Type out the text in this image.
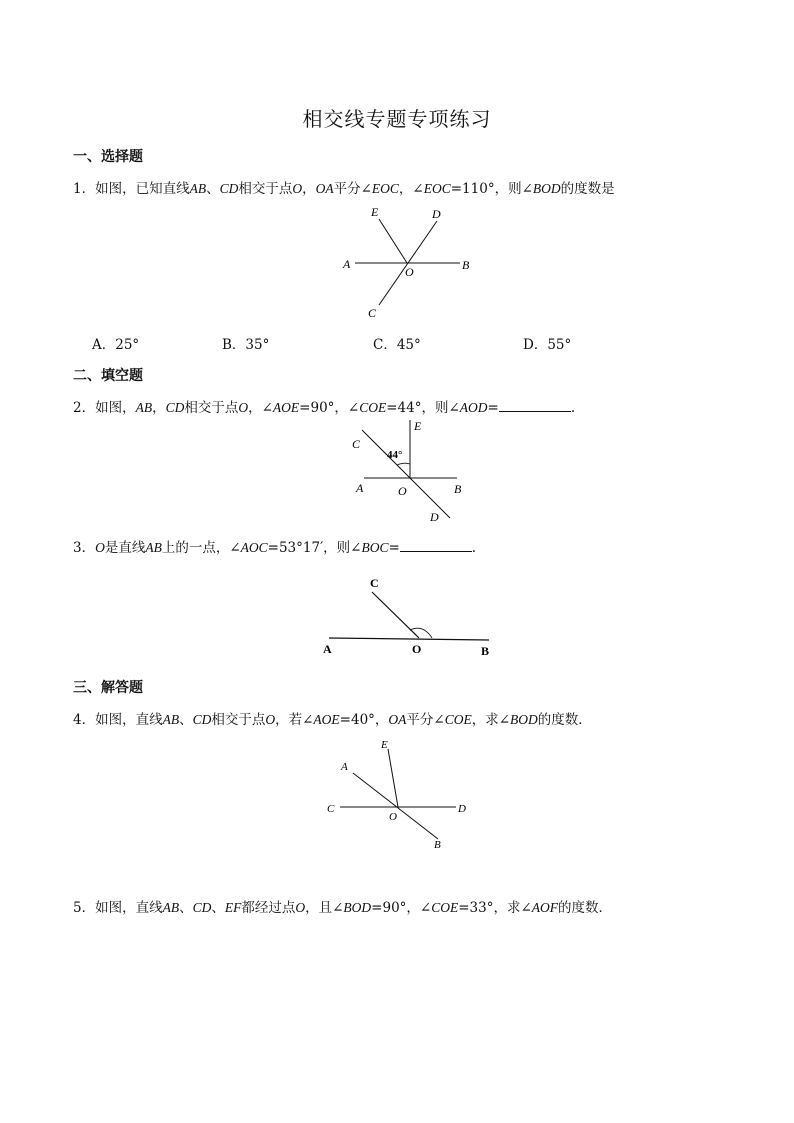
相交线专题专项练习
一、选择题
1．如图，已知直线AB、CD相交于点O，OA平分∠EOC，∠EOC=110°，则∠BOD的度数是
E	D
A
O	B
C
A．25°	B．35°	C．45°	D．55°
二、填空题
2．如图，AB，CD相交于点O，∠AOE=90°，∠COE=44°，则∠AOD=	.
C
E
44°
A	O	B
D
3．O是直线AB上的一点，∠AOC=53°17′，则∠BOC=	.
C
A	O	B
三、解答题
4．如图，直线AB、CD相交于点O，若∠AOE=40°，OA平分∠COE，求∠BOD的度数．
E
A
C
O
D
B
5．如图，直线AB、CD、EF都经过点O，且∠BOD=90°，∠COE=33°，求∠AOF的度数．
